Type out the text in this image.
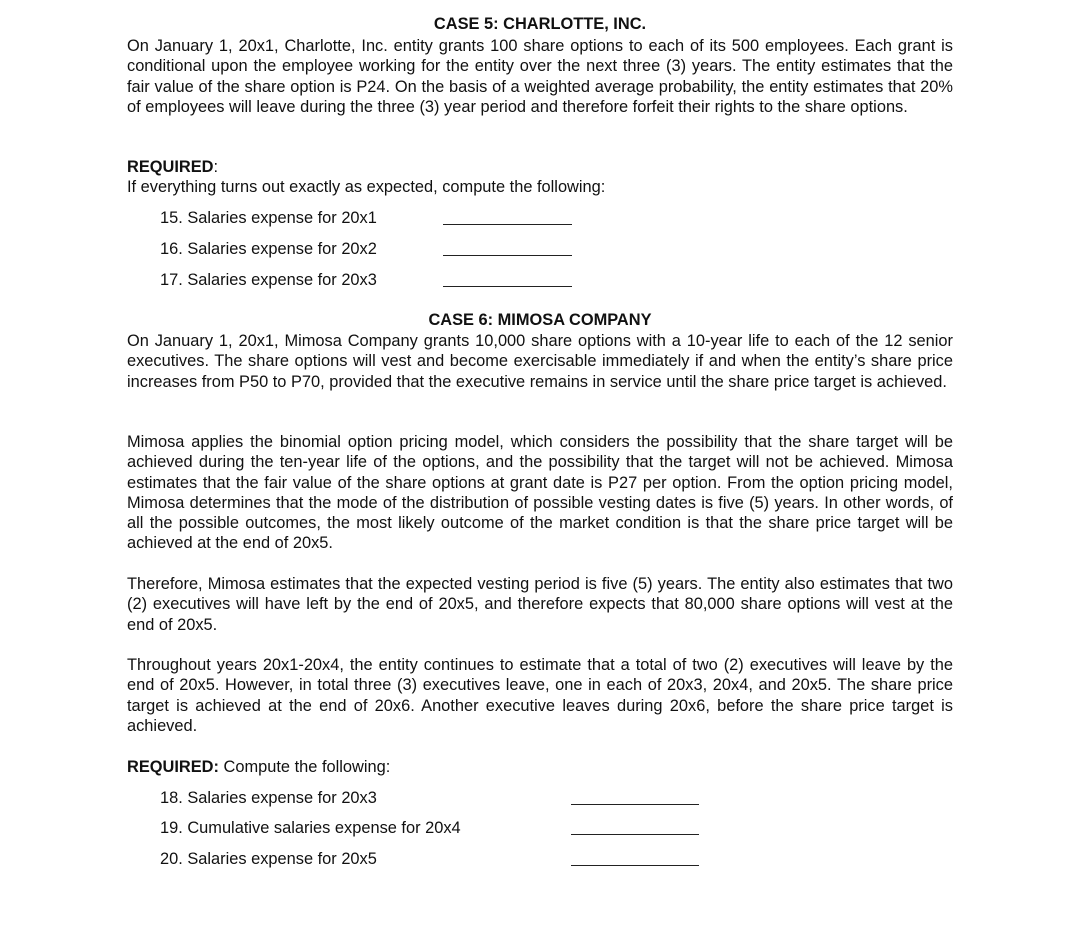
CASE 5: CHARLOTTE, INC.

On January 1, 20x1, Charlotte, Inc. entity grants 100 share options to each of its 500 employees. Each grant is conditional upon the employee working for the entity over the next three (3) years. The entity estimates that the fair value of the share option is P24. On the basis of a weighted average probability, the entity estimates that 20% of employees will leave during the three (3) year period and therefore forfeit their rights to the share options.

REQUIRED:

If everything turns out exactly as expected, compute the following:

15. Salaries expense for 20x1

16. Salaries expense for 20x2

17. Salaries expense for 20x3

CASE 6: MIMOSA COMPANY

On January 1, 20x1, Mimosa Company grants 10,000 share options with a 10-year life to each of the 12 senior executives. The share options will vest and become exercisable immediately if and when the entity’s share price increases from P50 to P70, provided that the executive remains in service until the share price target is achieved.

Mimosa applies the binomial option pricing model, which considers the possibility that the share target will be achieved during the ten-year life of the options, and the possibility that the target will not be achieved. Mimosa estimates that the fair value of the share options at grant date is P27 per option. From the option pricing model, Mimosa determines that the mode of the distribution of possible vesting dates is five (5) years. In other words, of all the possible outcomes, the most likely outcome of the market condition is that the share price target will be achieved at the end of 20x5.

Therefore, Mimosa estimates that the expected vesting period is five (5) years. The entity also estimates that two (2) executives will have left by the end of 20x5, and therefore expects that 80,000 share options will vest at the end of 20x5.

Throughout years 20x1-20x4, the entity continues to estimate that a total of two (2) executives will leave by the end of 20x5. However, in total three (3) executives leave, one in each of 20x3, 20x4, and 20x5. The share price target is achieved at the end of 20x6. Another executive leaves during 20x6, before the share price target is achieved.

REQUIRED: Compute the following:

18. Salaries expense for 20x3

19. Cumulative salaries expense for 20x4

20. Salaries expense for 20x5
